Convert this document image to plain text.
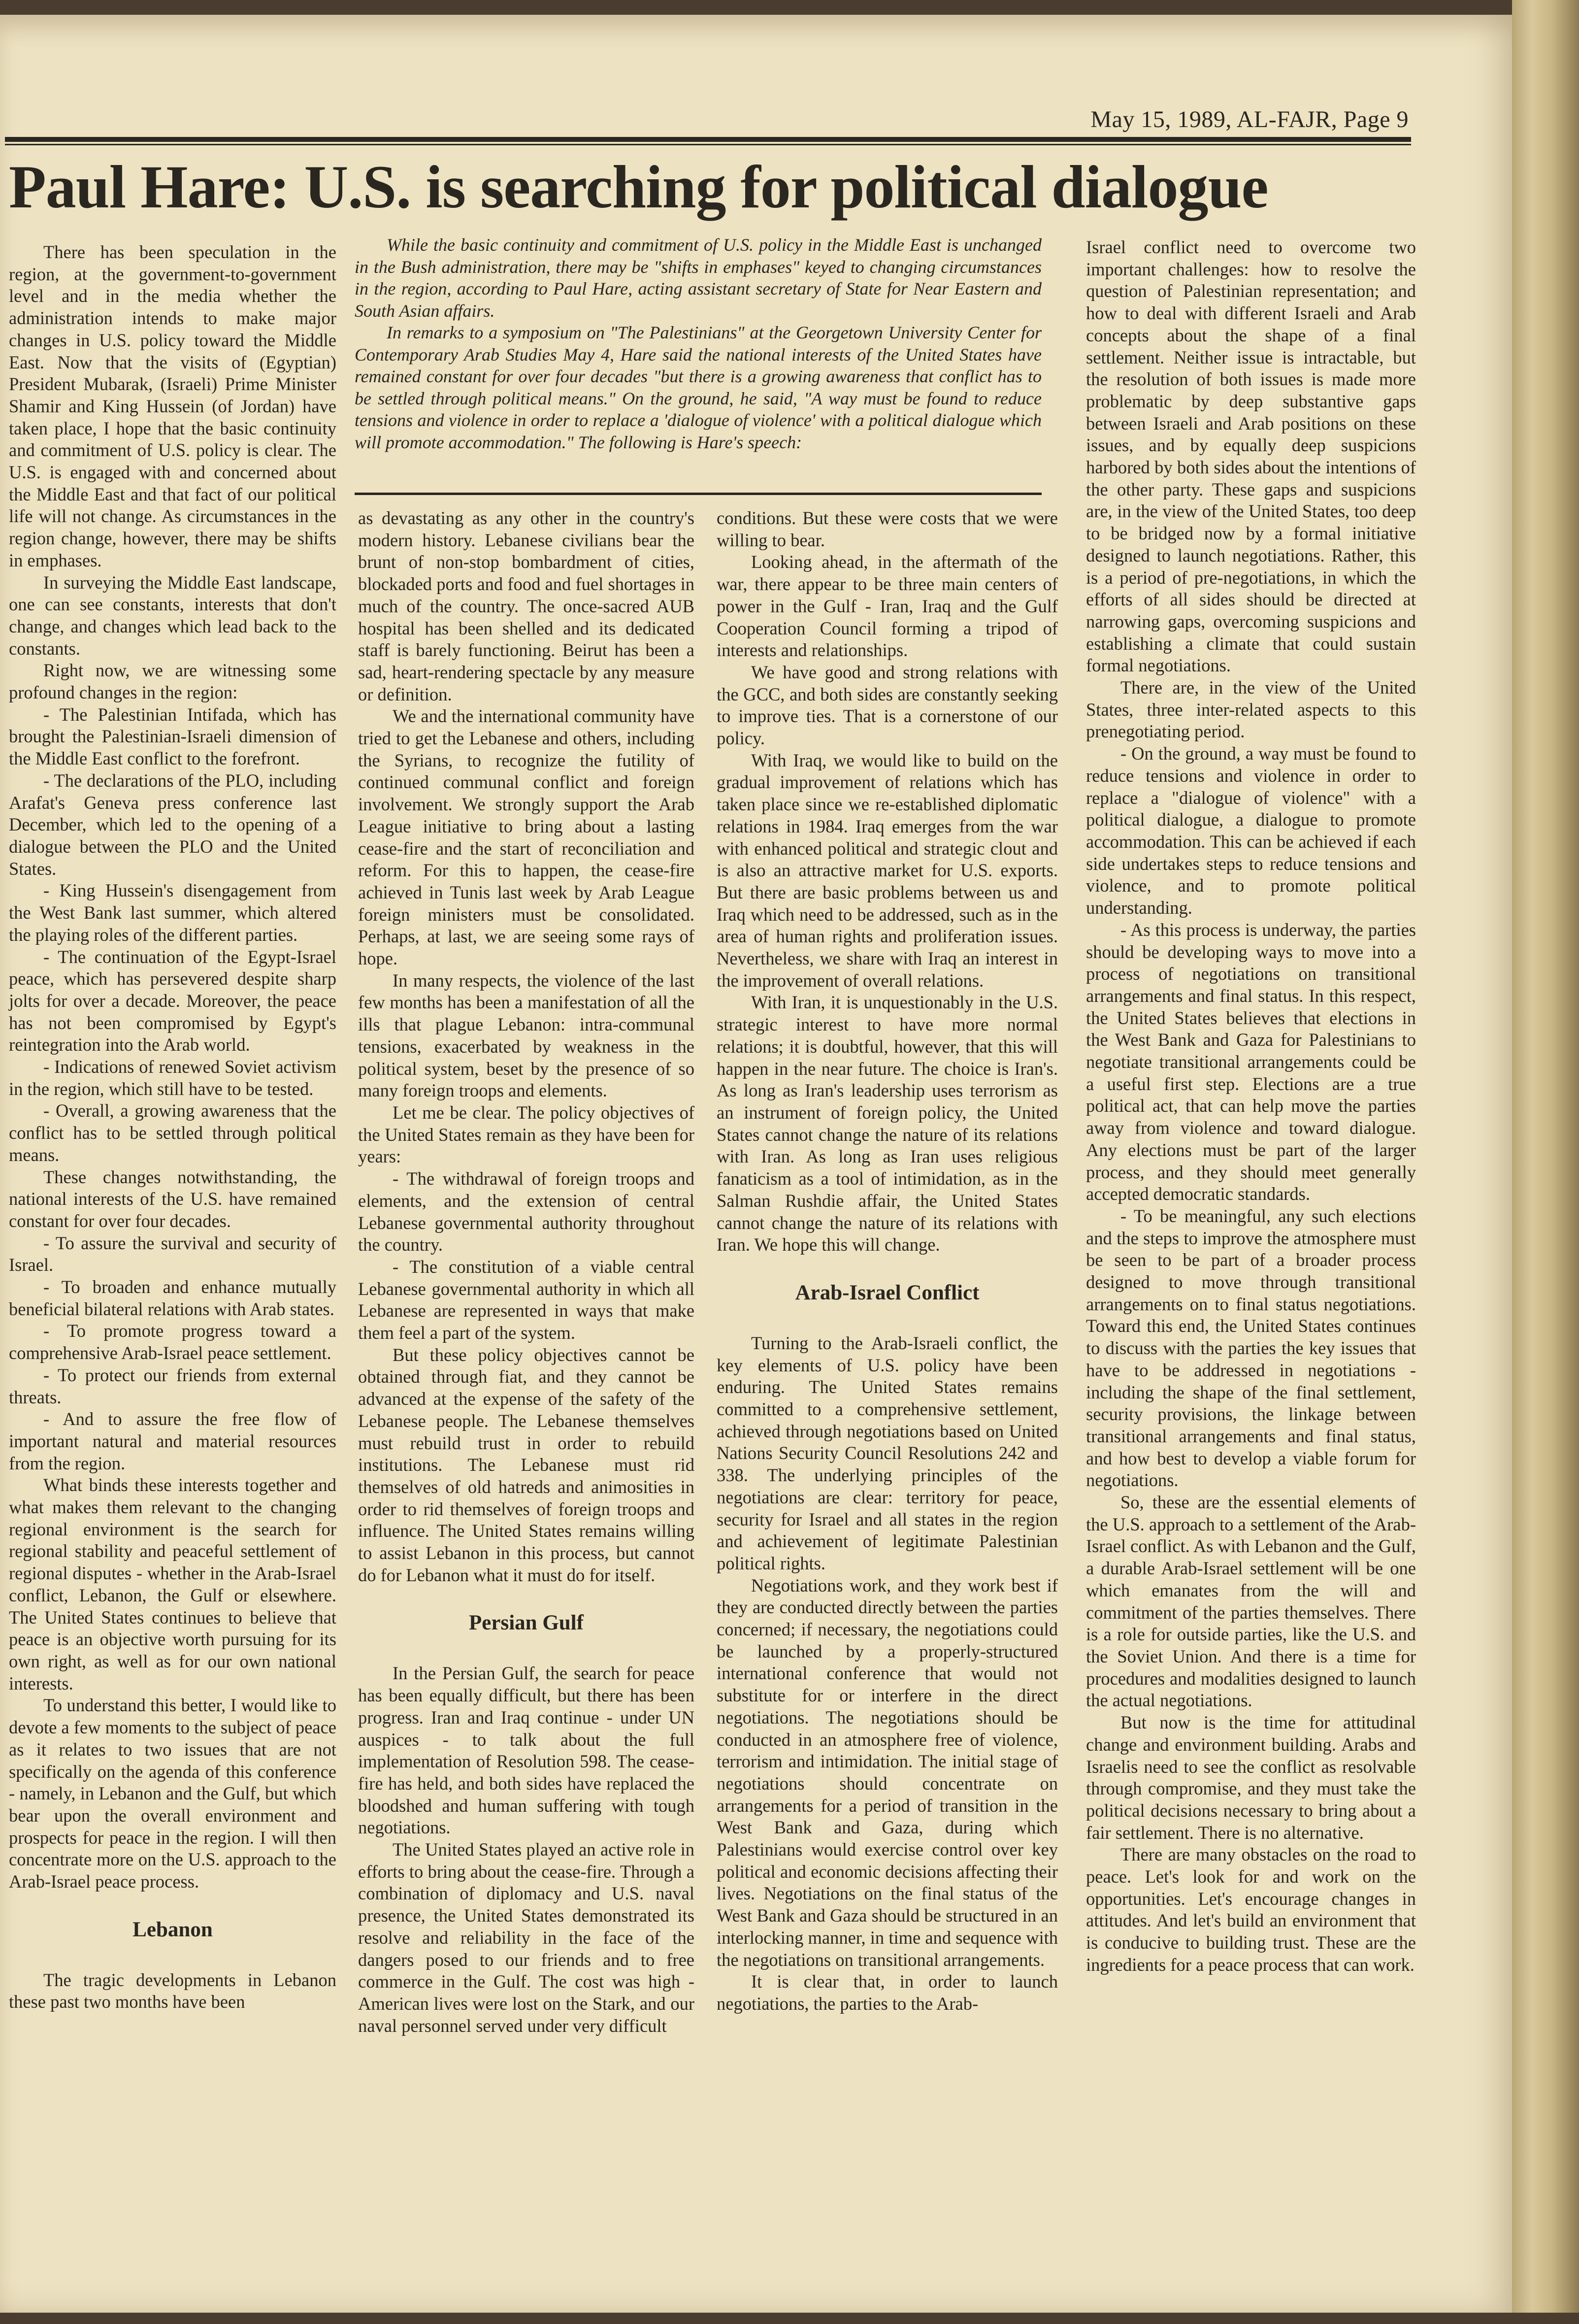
May 15, 1989, AL-FAJR, Page 9
Paul Hare: U.S. is searching for political dialogue

While the basic continuity and commitment of U.S. policy in the Middle East is unchanged in the Bush administration, there may be "shifts in emphases" keyed to changing circumstances in the region, according to Paul Hare, acting assistant secretary of State for Near Eastern and South Asian affairs.

In remarks to a symposium on "The Palestinians" at the Georgetown University Center for Contemporary Arab Studies May 4, Hare said the national interests of the United States have remained constant for over four decades "but there is a growing awareness that conflict has to be settled through political means." On the ground, he said, "A way must be found to reduce tensions and violence in order to replace a 'dialogue of violence' with a political dialogue which will promote accommodation." The following is Hare's speech:

There has been speculation in the region, at the government-to-government level and in the media whether the administration intends to make major changes in U.S. policy toward the Middle East. Now that the visits of (Egyptian) President Mubarak, (Israeli) Prime Minister Shamir and King Hussein (of Jordan) have taken place, I hope that the basic continuity and commitment of U.S. policy is clear. The U.S. is engaged with and concerned about the Middle East and that fact of our political life will not change. As circumstances in the region change, however, there may be shifts in emphases.

In surveying the Middle East landscape, one can see constants, interests that don't change, and changes which lead back to the constants.

Right now, we are witnessing some profound changes in the region:

- The Palestinian Intifada, which has brought the Palestinian-Israeli dimension of the Middle East conflict to the forefront.

- The declarations of the PLO, including Arafat's Geneva press conference last December, which led to the opening of a dialogue between the PLO and the United States.

- King Hussein's disengagement from the West Bank last summer, which altered the playing roles of the different parties.

- The continuation of the Egypt-Israel peace, which has persevered despite sharp jolts for over a decade. Moreover, the peace has not been compromised by Egypt's reintegration into the Arab world.

- Indications of renewed Soviet activism in the region, which still have to be tested.

- Overall, a growing awareness that the conflict has to be settled through political means.

These changes notwithstanding, the national interests of the U.S. have remained constant for over four decades.

- To assure the survival and security of Israel.

- To broaden and enhance mutually beneficial bilateral relations with Arab states.

- To promote progress toward a comprehensive Arab-Israel peace settlement.

- To protect our friends from external threats.

- And to assure the free flow of important natural and material resources from the region.

What binds these interests together and what makes them relevant to the changing regional environment is the search for regional stability and peaceful settlement of regional disputes - whether in the Arab-Israel conflict, Lebanon, the Gulf or elsewhere. The United States continues to believe that peace is an objective worth pursuing for its own right, as well as for our own national interests.

To understand this better, I would like to devote a few moments to the subject of peace as it relates to two issues that are not specifically on the agenda of this conference - namely, in Lebanon and the Gulf, but which bear upon the overall environment and prospects for peace in the region. I will then concentrate more on the U.S. approach to the Arab-Israel peace process.

Lebanon

The tragic developments in Lebanon these past two months have been

as devastating as any other in the country's modern history. Lebanese civilians bear the brunt of non-stop bombardment of cities, blockaded ports and food and fuel shortages in much of the country. The once-sacred AUB hospital has been shelled and its dedicated staff is barely functioning. Beirut has been a sad, heart-rendering spectacle by any measure or definition.

We and the international community have tried to get the Lebanese and others, including the Syrians, to recognize the futility of continued communal conflict and foreign involvement. We strongly support the Arab League initiative to bring about a lasting cease-fire and the start of reconciliation and reform. For this to happen, the cease-fire achieved in Tunis last week by Arab League foreign ministers must be consolidated. Perhaps, at last, we are seeing some rays of hope.

In many respects, the violence of the last few months has been a manifestation of all the ills that plague Lebanon: intra-communal tensions, exacerbated by weakness in the political system, beset by the presence of so many foreign troops and elements.

Let me be clear. The policy objectives of the United States remain as they have been for years:

- The withdrawal of foreign troops and elements, and the extension of central Lebanese governmental authority throughout the country.

- The constitution of a viable central Lebanese governmental authority in which all Lebanese are represented in ways that make them feel a part of the system.

But these policy objectives cannot be obtained through fiat, and they cannot be advanced at the expense of the safety of the Lebanese people. The Lebanese themselves must rebuild trust in order to rebuild institutions. The Lebanese must rid themselves of old hatreds and animosities in order to rid themselves of foreign troops and influence. The United States remains willing to assist Lebanon in this process, but cannot do for Lebanon what it must do for itself.

Persian Gulf

In the Persian Gulf, the search for peace has been equally difficult, but there has been progress. Iran and Iraq continue - under UN auspices - to talk about the full implementation of Resolution 598. The cease-fire has held, and both sides have replaced the bloodshed and human suffering with tough negotiations.

The United States played an active role in efforts to bring about the cease-fire. Through a combination of diplomacy and U.S. naval presence, the United States demonstrated its resolve and reliability in the face of the dangers posed to our friends and to free commerce in the Gulf. The cost was high - American lives were lost on the Stark, and our naval personnel served under very difficult

conditions. But these were costs that we were willing to bear.

Looking ahead, in the aftermath of the war, there appear to be three main centers of power in the Gulf - Iran, Iraq and the Gulf Cooperation Council forming a tripod of interests and relationships.

We have good and strong relations with the GCC, and both sides are constantly seeking to improve ties. That is a cornerstone of our policy.

With Iraq, we would like to build on the gradual improvement of relations which has taken place since we re-established diplomatic relations in 1984. Iraq emerges from the war with enhanced political and strategic clout and is also an attractive market for U.S. exports. But there are basic problems between us and Iraq which need to be addressed, such as in the area of human rights and proliferation issues. Nevertheless, we share with Iraq an interest in the improvement of overall relations.

With Iran, it is unquestionably in the U.S. strategic interest to have more normal relations; it is doubtful, however, that this will happen in the near future. The choice is Iran's. As long as Iran's leadership uses terrorism as an instrument of foreign policy, the United States cannot change the nature of its relations with Iran. As long as Iran uses religious fanaticism as a tool of intimidation, as in the Salman Rushdie affair, the United States cannot change the nature of its relations with Iran. We hope this will change.

Arab-Israel Conflict

Turning to the Arab-Israeli conflict, the key elements of U.S. policy have been enduring. The United States remains committed to a comprehensive settlement, achieved through negotiations based on United Nations Security Council Resolutions 242 and 338. The underlying principles of the negotiations are clear: territory for peace, security for Israel and all states in the region and achievement of legitimate Palestinian political rights.

Negotiations work, and they work best if they are conducted directly between the parties concerned; if necessary, the negotiations could be launched by a properly-structured international conference that would not substitute for or interfere in the direct negotiations. The negotiations should be conducted in an atmosphere free of violence, terrorism and intimidation. The initial stage of negotiations should concentrate on arrangements for a period of transition in the West Bank and Gaza, during which Palestinians would exercise control over key political and economic decisions affecting their lives. Negotiations on the final status of the West Bank and Gaza should be structured in an interlocking manner, in time and sequence with the negotiations on transitional arrangements.

It is clear that, in order to launch negotiations, the parties to the Arab-

Israel conflict need to overcome two important challenges: how to resolve the question of Palestinian representation; and how to deal with different Israeli and Arab concepts about the shape of a final settlement. Neither issue is intractable, but the resolution of both issues is made more problematic by deep substantive gaps between Israeli and Arab positions on these issues, and by equally deep suspicions harbored by both sides about the intentions of the other party. These gaps and suspicions are, in the view of the United States, too deep to be bridged now by a formal initiative designed to launch negotiations. Rather, this is a period of pre-negotiations, in which the efforts of all sides should be directed at narrowing gaps, overcoming suspicions and establishing a climate that could sustain formal negotiations.

There are, in the view of the United States, three inter-related aspects to this prenegotiating period.

- On the ground, a way must be found to reduce tensions and violence in order to replace a "dialogue of violence" with a political dialogue, a dialogue to promote accommodation. This can be achieved if each side undertakes steps to reduce tensions and violence, and to promote political understanding.

- As this process is underway, the parties should be developing ways to move into a process of negotiations on transitional arrangements and final status. In this respect, the United States believes that elections in the West Bank and Gaza for Palestinians to negotiate transitional arrangements could be a useful first step. Elections are a true political act, that can help move the parties away from violence and toward dialogue. Any elections must be part of the larger process, and they should meet generally accepted democratic standards.

- To be meaningful, any such elections and the steps to improve the atmosphere must be seen to be part of a broader process designed to move through transitional arrangements on to final status negotiations. Toward this end, the United States continues to discuss with the parties the key issues that have to be addressed in negotiations - including the shape of the final settlement, security provisions, the linkage between transitional arrangements and final status, and how best to develop a viable forum for negotiations.

So, these are the essential elements of the U.S. approach to a settlement of the Arab-Israel conflict. As with Lebanon and the Gulf, a durable Arab-Israel settlement will be one which emanates from the will and commitment of the parties themselves. There is a role for outside parties, like the U.S. and the Soviet Union. And there is a time for procedures and modalities designed to launch the actual negotiations.

But now is the time for attitudinal change and environment building. Arabs and Israelis need to see the conflict as resolvable through compromise, and they must take the political decisions necessary to bring about a fair settlement. There is no alternative.

There are many obstacles on the road to peace. Let's look for and work on the opportunities. Let's encourage changes in attitudes. And let's build an environment that is conducive to building trust. These are the ingredients for a peace process that can work.
